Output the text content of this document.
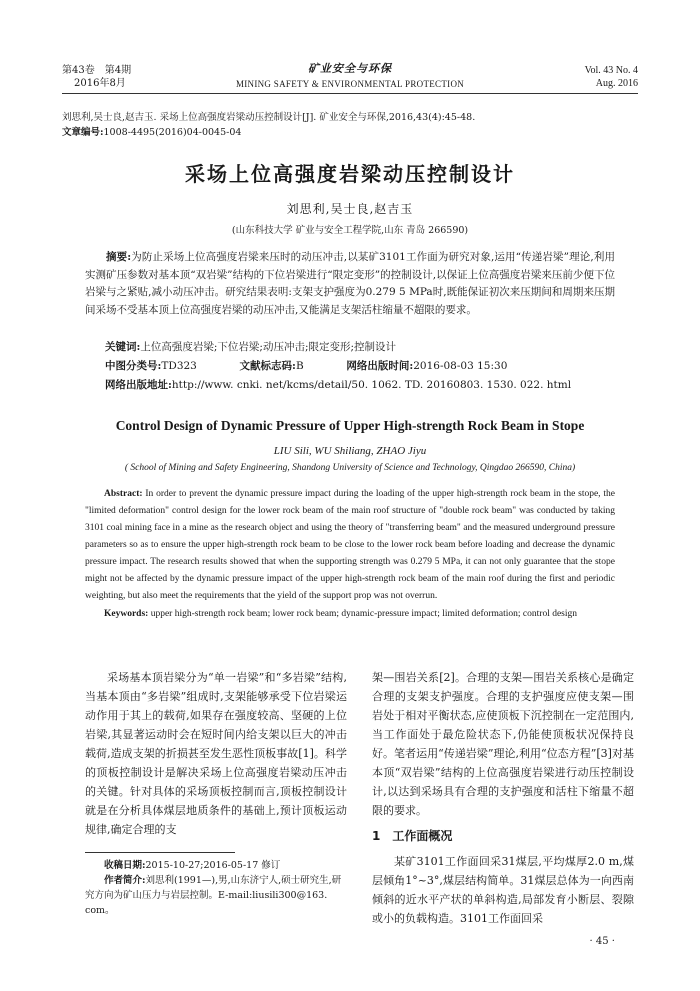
第43卷　第4期
2016年8月
矿业安全与环保
MINING SAFETY & ENVIRONMENTAL PROTECTION
Vol. 43 No. 4
Aug. 2016
刘思利,吴士良,赵吉玉. 采场上位高强度岩梁动压控制设计[J]. 矿业安全与环保,2016,43(4):45-48.
文章编号:1008-4495(2016)04-0045-04
采场上位高强度岩梁动压控制设计
刘思利,吴士良,赵吉玉
(山东科技大学 矿业与安全工程学院,山东 青岛 266590)
摘要:为防止采场上位高强度岩梁来压时的动压冲击,以某矿3101工作面为研究对象,运用“传递岩梁”理论,利用实测矿压参数对基本顶“双岩梁”结构的下位岩梁进行“限定变形”的控制设计,以保证上位高强度岩梁来压前少便下位岩梁与之紧贴,减小动压冲击。研究结果表明:支架支护强度为0.279 5 MPa时,既能保证初次来压期间和周期来压期间采场不受基本顶上位高强度岩梁的动压冲击,又能满足支架活柱缩量不超限的要求。
关键词:上位高强度岩梁;下位岩梁;动压冲击;限定变形;控制设计
中图分类号:TD323	文献标志码:B	网络出版时间:2016-08-03 15:30
网络出版地址:http://www. cnki. net/kcms/detail/50. 1062. TD. 20160803. 1530. 022. html
Control Design of Dynamic Pressure of Upper High-strength Rock Beam in Stope
LIU Sili, WU Shiliang, ZHAO Jiyu
( School of Mining and Safety Engineering, Shandong University of Science and Technology, Qingdao 266590, China)
Abstract: In order to prevent the dynamic pressure impact during the loading of the upper high-strength rock beam in the stope, the "limited deformation" control design for the lower rock beam of the main roof structure of "double rock beam" was conducted by taking 3101 coal mining face in a mine as the research object and using the theory of "transferring beam" and the measured underground pressure parameters so as to ensure the upper high-strength rock beam to be close to the lower rock beam before loading and decrease the dynamic pressure impact. The research results showed that when the supporting strength was 0.279 5 MPa, it can not only guarantee that the stope might not be affected by the dynamic pressure impact of the upper high-strength rock beam of the main roof during the first and periodic weighting, but also meet the requirements that the yield of the support prop was not overrun.
Keywords: upper high-strength rock beam; lower rock beam; dynamic-pressure impact; limited deformation; control design

采场基本顶岩梁分为“单一岩梁”和“多岩梁”结构,当基本顶由“多岩梁”组成时,支架能够承受下位岩梁运动作用于其上的载荷,如果存在强度较高、坚硬的上位岩梁,其显著运动时会在短时间内给支架以巨大的冲击载荷,造成支架的折损甚至发生恶性顶板事故[1]。科学的顶板控制设计是解决采场上位高强度岩梁动压冲击的关键。针对具体的采场顶板控制而言,顶板控制设计就是在分析具体煤层地质条件的基础上,预计顶板运动规律,确定合理的支

架—围岩关系[2]。合理的支架—围岩关系核心是确定合理的支架支护强度。合理的支护强度应使支架—围岩处于相对平衡状态,应使顶板下沉控制在一定范围内,当工作面处于最危险状态下,仍能使顶板状况保持良好。笔者运用“传递岩梁”理论,利用“位态方程”[3]对基本顶“双岩梁”结构的上位高强度岩梁进行动压控制设计,以达到采场具有合理的支护强度和活柱下缩量不超限的要求。

1　工作面概况

某矿3101工作面回采31煤层,平均煤厚2.0 m,煤层倾角1°~3°,煤层结构简单。31煤层总体为一向西南倾斜的近水平产状的单斜构造,局部发育小断层、裂隙或小的负载构造。3101工作面回采

收稿日期:2015-10-27;2016-05-17 修订

作者简介:刘思利(1991—),男,山东济宁人,硕士研究生,研究方向为矿山压力与岩层控制。E-mail:liusili300@163. com。

· 45 ·
